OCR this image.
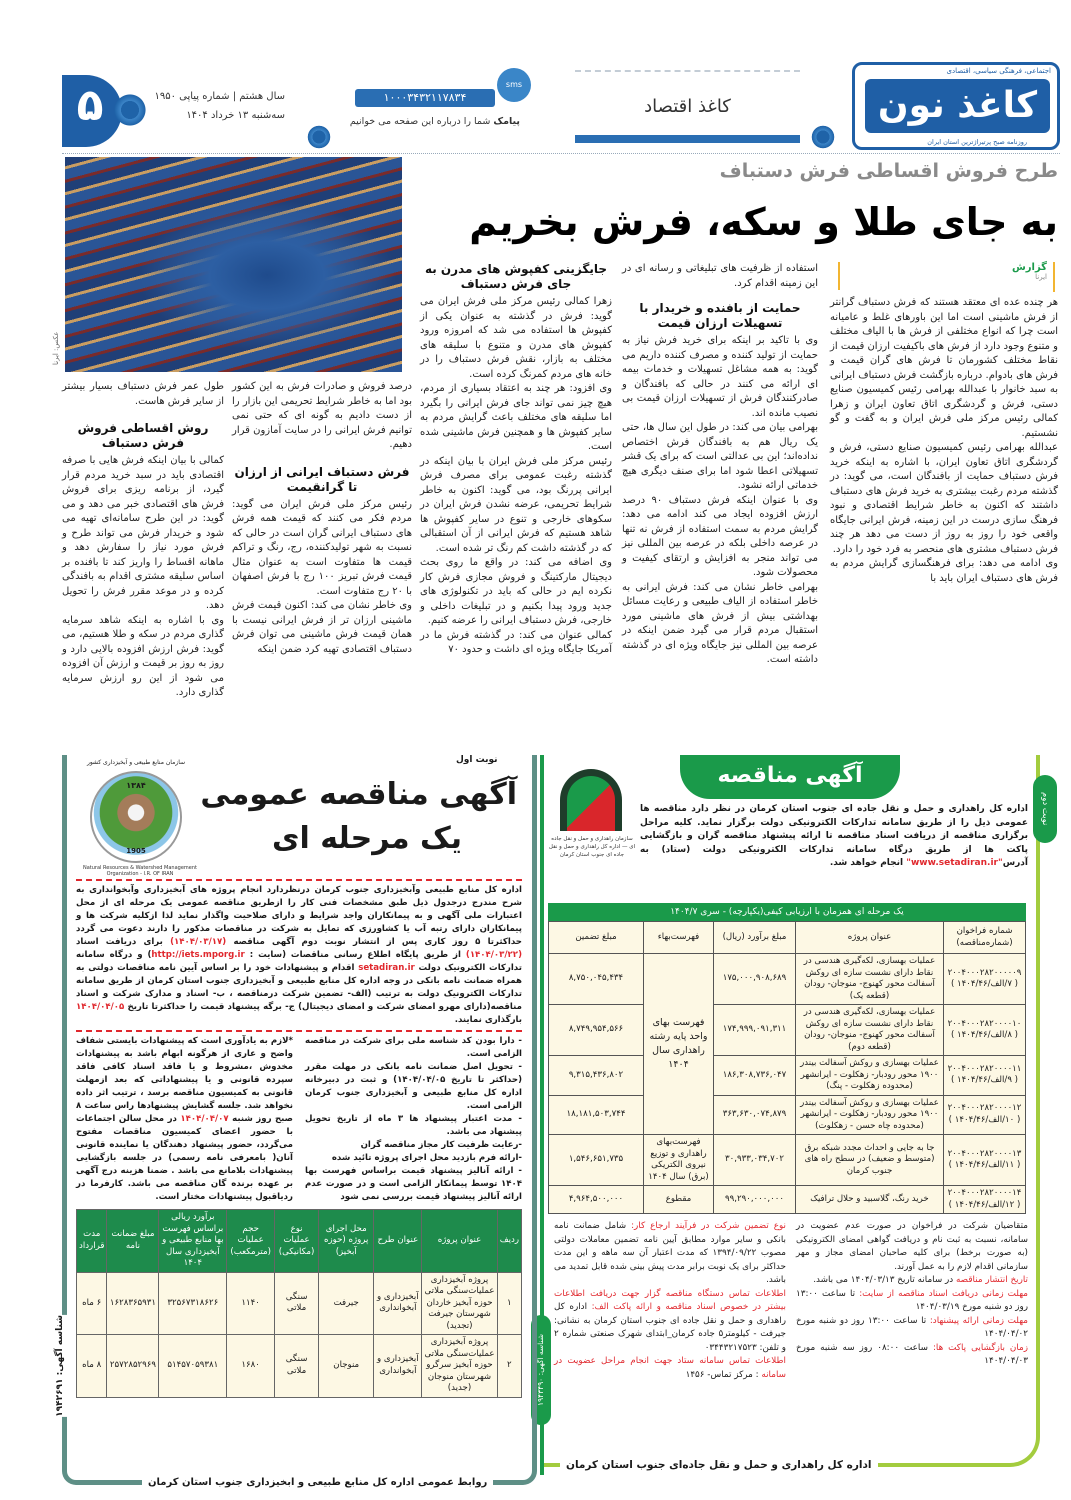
اجتماعی، فرهنگی سیاسی، اقتصادی
کاغذ نون
روزنامه صبح پرتیراژترین استان ایران
کاغذ اقتصاد
۱۰۰۰۳۴۳۲۱۱۷۸۳۴
sms
پیامک شما را درباره این صفحه می خوانیم
سال هشتم | شماره پیاپی ۱۹۵۰
سه‌شنبه ۱۳ خرداد ۱۴۰۴
۵
عکس: ایرنا
طرح فروش اقساطی فرش دستباف
به جای طلا و سکه، فرش بخریم
گزارش
ایرنا

هر چنده عده ای معتقد هستند که فرش دستباف گرانتر از فرش ماشینی است اما این باورهای غلط و عامیانه است چرا که انواع مختلفی از فرش ها با الیاف مختلف و متنوع وجود دارد از فرش های باکیفیت ارزان قیمت از نقاط مختلف کشورمان تا فرش های گران قیمت و فرش های بادوام. درباره بازگشت فرش دستباف ایرانی به سبد خانوار با عبدالله بهرامی رئیس کمیسیون صنایع دستی، فرش و گردشگری اتاق تعاون ایران و زهرا کمالی رئیس مرکز ملی فرش ایران و به گفت و گو نشستیم.

عبدالله بهرامی رئیس کمیسیون صنایع دستی، فرش و گردشگری اتاق تعاون ایران، با اشاره به اینکه خرید فرش دستباف حمایت از بافندگان است، می گوید: در گذشته مردم رغبت بیشتری به خرید فرش های دستباف داشتند که اکنون به خاطر شرایط اقتصادی و نبود فرهنگ سازی درست در این زمینه، فرش ایرانی جایگاه واقعی خود را روز به روز از دست می دهد هر چند فرش دستباف مشتری های منحصر به فرد خود را دارد.

وی ادامه می دهد: برای فرهنگسازی گرایش مردم به فرش های دستباف ایران باید با

استفاده از ظرفیت های تبلیغاتی و رسانه ای در این زمینه اقدام کرد.

حمایت از بافنده و خریدار با تسهیلات ارزان قیمت

وی با تاکید بر اینکه برای خرید فرش نیاز به حمایت از تولید کننده و مصرف کننده داریم می گوید: به همه مشاغل تسهیلات و خدمات بیمه ای ارائه می کنند در حالی که بافندگان و صادرکنندگان فرش از تسهیلات ارزان قیمت بی نصیب مانده اند.

بهرامی بیان می کند: در طول این سال ها، حتی یک ریال هم به بافندگان فرش اختصاص نداده‌اند؛ این بی عدالتی است که برای یک قشر تسهیلاتی اعطا شود اما برای صنف دیگری هیچ خدماتی ارائه نشود.

وی با عنوان اینکه فرش دستباف ۹۰ درصد ارزش افزوده ایجاد می کند ادامه می دهد: گرایش مردم به سمت استفاده از فرش نه تنها در عرصه داخلی بلکه در عرصه بین المللی نیز می تواند منجر به افزایش و ارتقای کیفیت و محصولات شود.

بهرامی خاطر نشان می کند: فرش ایرانی به خاطر استفاده از الیاف طبیعی و رعایت مسائل بهداشتی بیش از فرش های ماشینی مورد استقبال مردم قرار می گیرد ضمن اینکه در عرصه بین المللی نیز جایگاه ویژه ای در گذشته داشته است.

جایگزینی کفپوش های مدرن به جای فرش دستباف

زهرا کمالی رئیس مرکز ملی فرش ایران می گوید: فرش در گذشته به عنوان یکی از کفپوش ها استفاده می شد که امروزه ورود کفپوش های مدرن و متنوع با سلیقه های مختلف به بازار، نقش فرش دستباف را در خانه های مردم کمرنگ کرده است.

وی افزود: هر چند به اعتقاد بسیاری از مردم، هیچ چیز نمی تواند جای فرش ایرانی را بگیرد اما سلیقه های مختلف باعث گرایش مردم به سایر کفپوش ها و همچنین فرش ماشینی شده است.

رئیس مرکز ملی فرش ایران با بیان اینکه در گذشته رغبت عمومی برای مصرف فرش ایرانی پررنگ بود، می گوید: اکنون به خاطر شرایط تحریمی، عرضه نشدن فرش ایران در سکوهای خارجی و تنوع در سایر کفپوش ها شاهد هستیم که فرش ایرانی از آن استقبالی که در گذشته داشت کم رنگ تر شده است.

وی اضافه می کند: در واقع ما روی بحث دیجیتال مارکتینگ و فروش مجازی فرش کار نکرده ایم در حالی که باید در تکنولوژی های جدید ورود پیدا بکنیم و در تبلیغات داخلی و خارجی، فرش دستباف ایرانی را عرضه کنیم.

کمالی عنوان می کند: در گذشته فرش ما در آمریکا جایگاه ویژه ای داشت و حدود ۷۰

درصد فروش و صادرات فرش به این کشور بود اما به خاطر شرایط تحریمی این بازار را از دست دادیم به گونه ای که حتی نمی توانیم فرش ایرانی را در سایت آمازون قرار دهیم.

فرش دستباف ایرانی از ارزان تا گرانقیمت

رئیس مرکز ملی فرش ایران می گوید: مردم فکر می کنند که قیمت همه فرش های دستباف ایرانی گران است در حالی که نسبت به شهر تولیدکننده، رج، رنگ و تراکم قیمت ها متفاوت است به عنوان مثال قیمت فرش تبریز ۱۰۰ رج با فرش اصفهان با ۲۰ رج متفاوت است.

وی خاطر نشان می کند: اکنون قیمت فرش ماشینی ارزان تر از فرش ایرانی نیست با همان قیمت فرش ماشینی می توان فرش دستباف اقتصادی تهیه کرد ضمن اینکه

طول عمر فرش دستباف بسیار بیشتر از سایر فرش هاست.

روش اقساطی فروش فرش دستباف

کمالی با بیان اینکه فرش هایی با صرفه اقتصادی باید در سبد خرید مردم قرار گیرد، از برنامه ریزی برای فروش فرش های اقتصادی خبر می دهد و می گوید: در این طرح سامانه‌ای تهیه می شود و خریدار فرش می تواند طرح و فرش مورد نیاز را سفارش دهد و ماهانه اقساط را واریز کند تا بافنده بر اساس سلیقه مشتری اقدام به بافندگی کرده و در موعد مقرر فرش را تحویل دهد.

وی با اشاره به اینکه شاهد سرمایه گذاری مردم در سکه و طلا هستیم، می گوید: فرش ارزش افزوده بالایی دارد و روز به روز بر قیمت و ارزش آن افزوده می شود از این رو ارزش سرمایه گذاری دارد.

آگهی مناقصه
نوبت دوم
سازمان راهداری و حمل و نقل جاده ای — اداره کل راهداری و حمل و نقل جاده ای جنوب استان کرمان
اداره کل راهداری و حمل و نقل جاده ای جنوب استان کرمان در نظر دارد مناقصه ها عمومی ذیل را از طریق سامانه تدارکات الکترونیکی دولت برگزار نماید. کلیه مراحل برگزاری مناقصه از دریافت اسناد مناقصه تا ارائه پیشنهاد مناقصه گران و بازگشایی پاکت ها از طریق درگاه سامانه تدارکات الکترونیکی دولت (ستاد) به آدرس"www.setadiran.ir" انجام خواهد شد.
یک مرحله ای همزمان با ارزیابی کیفی(یکپارچه) - سری ۱۴۰۴/۷
شماره فراخوان (شماره‌مناقصه)	عنوان پروژه	مبلغ برآورد (ریال)	فهرست‌بهاء	مبلغ تضمین

۲۰۰۴۰۰۰۲۸۲۰۰۰۰۰۹
( ۷/الف/۱۴۰۴/۴۶ )	عملیات بهسازی، لکه‌گیری هندسی در نقاط دارای نشست سازه ای روکش آسفالت محور کهنوج- منوجان- رودان (قطعه یک)	۱۷۵,۰۰۰,۹۰۸,۶۸۹	فهرست بهای واحد پایه رشته راهداری سال ۱۴۰۴	۸,۷۵۰,۰۴۵,۴۳۴

۲۰۰۴۰۰۰۲۸۲۰۰۰۰۱۰
( ۸/الف/۱۴۰۴/۴۶ )	عملیات بهسازی، لکه‌گیری هندسی در نقاط دارای نشست سازه ای روکش آسفالت محور کهنوج- منوجان- رودان (قطعه دوم)	۱۷۴,۹۹۹,۰۹۱,۳۱۱		۸,۷۴۹,۹۵۴,۵۶۶

۲۰۰۴۰۰۰۲۸۲۰۰۰۰۱۱
( ۹/الف/۱۴۰۴/۴۶ )	عملیات بهسازی و روکش آسفالت بیندر ۱۹۰۰ محور رودبار- زهکلوت - ایرانشهر (محدوده زهکلوت - پنگ)	۱۸۶,۳۰۸,۷۳۶,۰۴۷		۹,۳۱۵,۴۳۶,۸۰۲

۲۰۰۴۰۰۰۲۸۲۰۰۰۰۱۲
( ۱۰/الف/۱۴۰۴/۴۶ )	عملیات بهسازی و روکش آسفالت بیندر ۱۹۰۰ محور رودبار- زهکلوت - ایرانشهر (محدوده چاه حسن - زهکلوت)	۳۶۳,۶۳۰,۰۷۴,۸۷۹		۱۸,۱۸۱,۵۰۳,۷۴۴

۲۰۰۴۰۰۰۲۸۲۰۰۰۰۱۳
( ۱۱/الف/۱۴۰۴/۴۶ )	جا به جایی و احداث مجدد شبکه برق (متوسط و ضعیف) در سطح راه های جنوب کرمان	۳۰,۹۳۳,۰۳۴,۷۰۲	فهرست‌بهای راهداری و توزیع نیروی الکتریکی (برق) سال ۱۴۰۴	۱,۵۴۶,۶۵۱,۷۳۵

۲۰۰۴۰۰۰۲۸۲۰۰۰۰۱۴
( ۱۲/الف/۱۴۰۴/۴۶ )	خرید رنگ، گلاسبید و حلال ترافیک	۹۹,۲۹۰,۰۰۰,۰۰۰	مقطوع	۴,۹۶۴,۵۰۰,۰۰۰
متقاضیان شرکت در فراخوان در صورت عدم عضویت در سامانه، نسبت به ثبت نام و دریافت گواهی امضای الکترونیکی (به صورت برخط) برای کلیه صاحبان امضای مجاز و مهر سازمانی اقدام لازم را به عمل آورند.
تاریخ انتشار مناقصه در سامانه تاریخ ۱۴۰۴/۰۳/۱۳ می باشد.
مهلت زمانی دریافت اسناد مناقصه از سایت: تا ساعت ۱۳:۰۰ روز دو شنبه مورخ ۱۴۰۴/۰۳/۱۹
مهلت زمانی ارائه پیشنهاد: تا ساعت ۱۳:۰۰ روز دو شنبه مورخ ۱۴۰۴/۰۴/۰۲
زمان بازگشایی پاکت ها: ساعت ۰۸:۰۰ روز سه شنبه مورخ ۱۴۰۴/۰۴/۰۳
نوع تضمین شرکت در فرآیند ارجاع کار: شامل ضمانت نامه بانکی و سایر موارد مطابق آیین نامه تضمین معاملات دولتی مصوب ۱۳۹۴/۰۹/۲۲ که مدت اعتبار آن سه ماهه و این مدت حداکثر برای یک نوبت برابر مدت پیش بینی شده قابل تمدید می باشد.
اطلاعات تماس دستگاه مناقصه گزار جهت دریافت اطلاعات بیشتر در خصوص اسناد مناقصه و ارائه پاکت الف: اداره کل راهداری و حمل و نقل جاده ای جنوب استان کرمان به نشانی: جیرفت - کیلومتر۵ جاده کرمان_ابتدای شهرک صنعتی شماره ۲ و تلفن: ۰۳۴۴۳۲۱۷۵۲۳
اطلاعات تماس سامانه ستاد جهت انجام مراحل عضویت در سامانه : مرکز تماس- ۱۴۵۶
شناسه آگهی: ۱۹۴۳۴۹۰
اداره کل راهداری و حمل و نقل جاده‌ای جنوب استان کرمان
نوبت اول
سازمان منابع طبیعی و آبخیزداری کشور
۱۳۸۴
1905
Natural Resources & Watershed Management Organization - I.R. OF IRAN
آگهی مناقصه عمومی
یک مرحله ای
اداره کل منابع طبیعی وآبخیزداری جنوب کرمان درنظردارد انجام پروژه های آبخیزداری وآبخوانداری به شرح مندرج درجدول ذیل طبق مشخصات فنی کار را ازطریق مناقصه عمومی یک مرحله ای از محل اعتبارات ملی آگهی و به پیمانکاران واجد شرایط و دارای صلاحیت واگذار نماید لذا ازکلیه شرکت ها و پیمانکاران دارای رتبه آب یا کشاورزی که تمایل به شرکت در مناقصات مذکور را دارند دعوت می گردد حداکثرتا ۵ روز کاری پس از انتشار نوبت دوم آگهی مناقصه (۱۴۰۴/۰۳/۱۷) برای دریافت اسناد (۱۴۰۴/۰۳/۲۲) از طریق پایگاه اطلاع رسانی مناقصات (سایت : http://iets.mporg.ir) و درگاه سامانه تدارکات الکترونیک دولت setadiran.ir اقدام و پیشنهادات خود را بر اساس آیین نامه مناقصات دولتی به همراه ضمانت نامه بانکی در وجه اداره کل منابع طبیعی و آبخیزداری جنوب استان کرمان از طریق سامانه تدارکات الکترونیک دولت به ترتیب (الف- تضمین شرکت درمناقصه ، ب- اسناد و مدارک شرکت و اسناد مناقصه(دارای مهرو امضای شرکت و امضای دیجیتال) ج- برگه پیشنهاد قیمت را حداکثرتا تاریخ ۱۴۰۴/۰۴/۰۵ بارگذاری نمایند.
- دارا بودن کد شناسه ملی برای شرکت در مناقصه الزامی است.
- تحویل اصل ضمانت نامه بانکی در مهلت مقرر (حداکثر تا تاریخ ۱۴۰۴/۰۴/۰۵) و ثبت در دبیرخانه اداره کل منابع طبیعی و آبخیزداری جنوب کرمان الزامی است.
- مدت اعتبار پیشنهاد ها ۳ ماه از تاریخ تحویل پیشنهاد می باشد.
-رعایت ظرفیت کار مجاز مناقصه گران
-ارائه فرم بازدید محل اجرای پروژه تائید شده
- ارائه آنالیز پیشنهاد قیمت براساس فهرست بها ۱۴۰۴ توسط پیمانکار الزامی است و در صورت عدم ارائه آنالیز پیشنهاد قیمت بررسی نمی شود
*لازم به یادآوری است که پیشنهادات بایستی شفاف واضح و عاری از هرگونه ابهام باشد به پیشنهادات مخدوش ،مشروط و یا فاقد اسناد کافی فاقد سپرده قانونی و یا پیشنهاداتی که بعد ازمهلت قانونی به کمیسیون مناقصه برسد ، ترتیب اثر داده نخواهد شد. جلسه گشایش پیشنهادها راس ساعت ۸ صبح روز شنبه ۱۴۰۴/۰۴/۰۷ در محل سالن اجتماعات با حضور اعضای کمیسیون مناقصات مفتوح می‌گردد، حضور پیشنهاد دهندگان یا نماینده قانونی آنان( بامعرفی نامه رسمی) در جلسه بازگشایی پیشنهادات بلامانع می باشد . ضمنا هزینه درج آگهی بر عهده برنده گان مناقصه می باشد. کارفرما در ردیاقبول پیشنهادات مختار است.
ردیف	عنوان پروژه	عنوان طرح	محل اجرای پروژه (حوزه آبخیز)	نوع عملیات (مکانیکی)	حجم عملیات (مترمکعب)	برآورد ریالی براساس فهرست بها منابع طبیعی و آبخیزداری سال ۱۴۰۴	مبلغ ضمانت نامه	مدت قرارداد
۱	پروژه آبخیزداری عملیات‌سنگی ملاتی حوزه آبخیز خاردان شهرستان جیرفت (تجدید)	آبخیزداری و آبخوانداری	جیرفت	سنگی ملاتی	۱۱۴۰	۳۲۵۶۷۳۱۸۶۲۶	۱۶۲۸۳۶۵۹۳۱	۶ ماه
۲	پروژه آبخیزداری عملیات‌سنگی ملاتی حوزه آبخیز سرگرو شهرستان منوجان (جدید)	آبخیزداری و آبخوانداری	منوجان	سنگی ملاتی	۱۶۸۰	۵۱۴۵۷۰۵۹۳۸۱	۲۵۷۲۸۵۲۹۶۹	۸ ماه
شناسه آگهی: ۱۹۴۲۶۹۱
روابط عمومی اداره کل منابع طبیعی و ابخیزداری جنوب استان کرمان
